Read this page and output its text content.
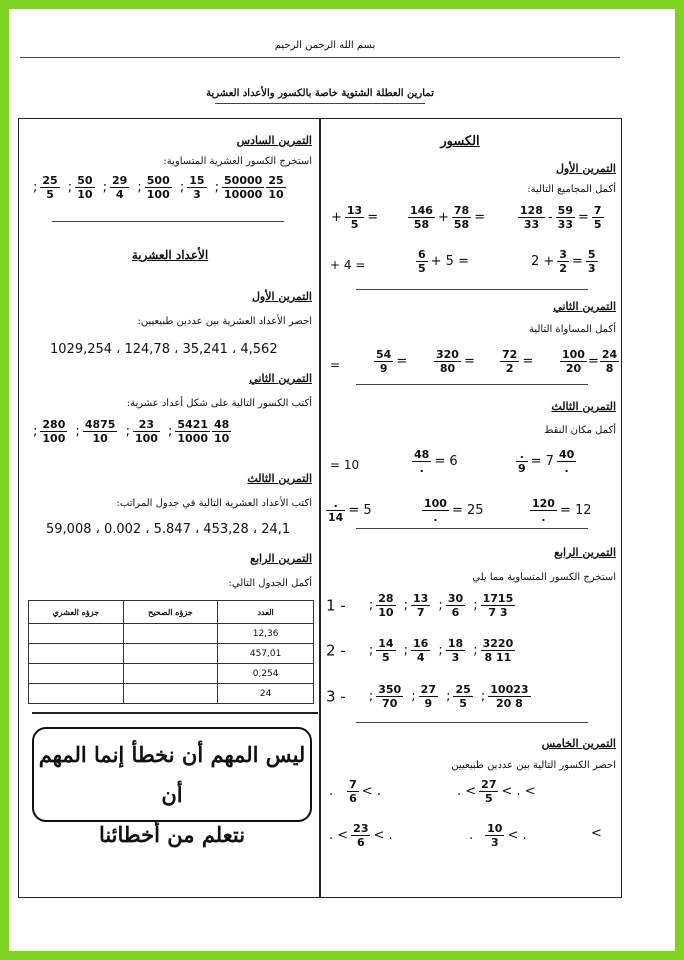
بسم الله الرحمن الرحيم
تمارين العطلة الشتوية خاصة بالكسور والأعداد العشرية
الكسور
التمرين الأول
أكمل المجاميع التالية:
+ $\frac{13}{5}$ =	$\frac{146}{58} + \frac{78}{58}$ =	$\frac{128}{33} - \frac{59}{33} = \frac{7}{5}$
+ 4 =	$\frac{6}{5} + 5$ =	$2 + \frac{3}{2} = \frac{5}{3}$
التمرين الثاني
أكمل المساواة التالية
=	$\frac{54}{9} = \frac{320}{80} = \frac{72}{2} = \frac{100}{20} = \frac{24}{8}$
التمرين الثالث
أكمل مكان النقط
= 10	$\frac{48}{.} = 6$	$\frac{.}{9} = 7 \frac{40}{.}$
$\frac{.}{14} = 5$	$\frac{100}{.} = 25$	$\frac{120}{.} = 12$
التمرين الرابع
استخرج الكسور المتساوية مما يلي
1 - ; $\frac{28}{10}$ ; $\frac{13}{7}$ ; $\frac{30}{6}$ ; $\frac{1715}{7 3}$
2 - ; $\frac{14}{5}$ ; $\frac{16}{4}$ ; $\frac{18}{3}$ ; $\frac{3220}{8 11}$
3 - ; $\frac{350}{70}$ ; $\frac{27}{9}$ ; $\frac{25}{5}$ ; $\frac{10023}{20 8}$
التمرين الخامس
احصر الكسور التالية بين عددين طبيعيين
. $\frac{7}{6}$ < .	. < $\frac{27}{5}$ < . <
. < $\frac{23}{6}$ < .	. $\frac{10}{3}$ < .	<
التمرين السادس
استخرج الكسور العشرية المتساوية:
; $\frac{25}{5}$ ; $\frac{50}{10}$ ; $\frac{29}{4}$ ; $\frac{500}{100}$ ; $\frac{15}{3}$ ; $\frac{50000}{10000} \frac{25}{10}$
الأعداد العشرية
التمرين الأول
احصر الأعداد العشرية بين عددين طبيعيين:
1029,254 ، 124,78 ، 35,241 ، 4,562
التمرين الثاني
أكتب الكسور التالية على شكل أعداد عشرية:
; $\frac{280}{100}$ ; $\frac{4875}{10}$ ; $\frac{23}{100}$ ; $\frac{5421}{1000} \frac{48}{10}$
التمرين الثالث
اكتب الأعداد العشرية التالية في جدول المراتب:
59,008 ، 0.002 ، 5.847 ، 453,28 ، 24,1
التمرين الرابع
أكمل الجدول التالي:
جزؤه العشري	جزؤه الصحيح	العدد
		12,36
		457,01
		0,254
		24
ليس المهم أن نخطأ إنما المهم أن
نتعلم من أخطائنا
